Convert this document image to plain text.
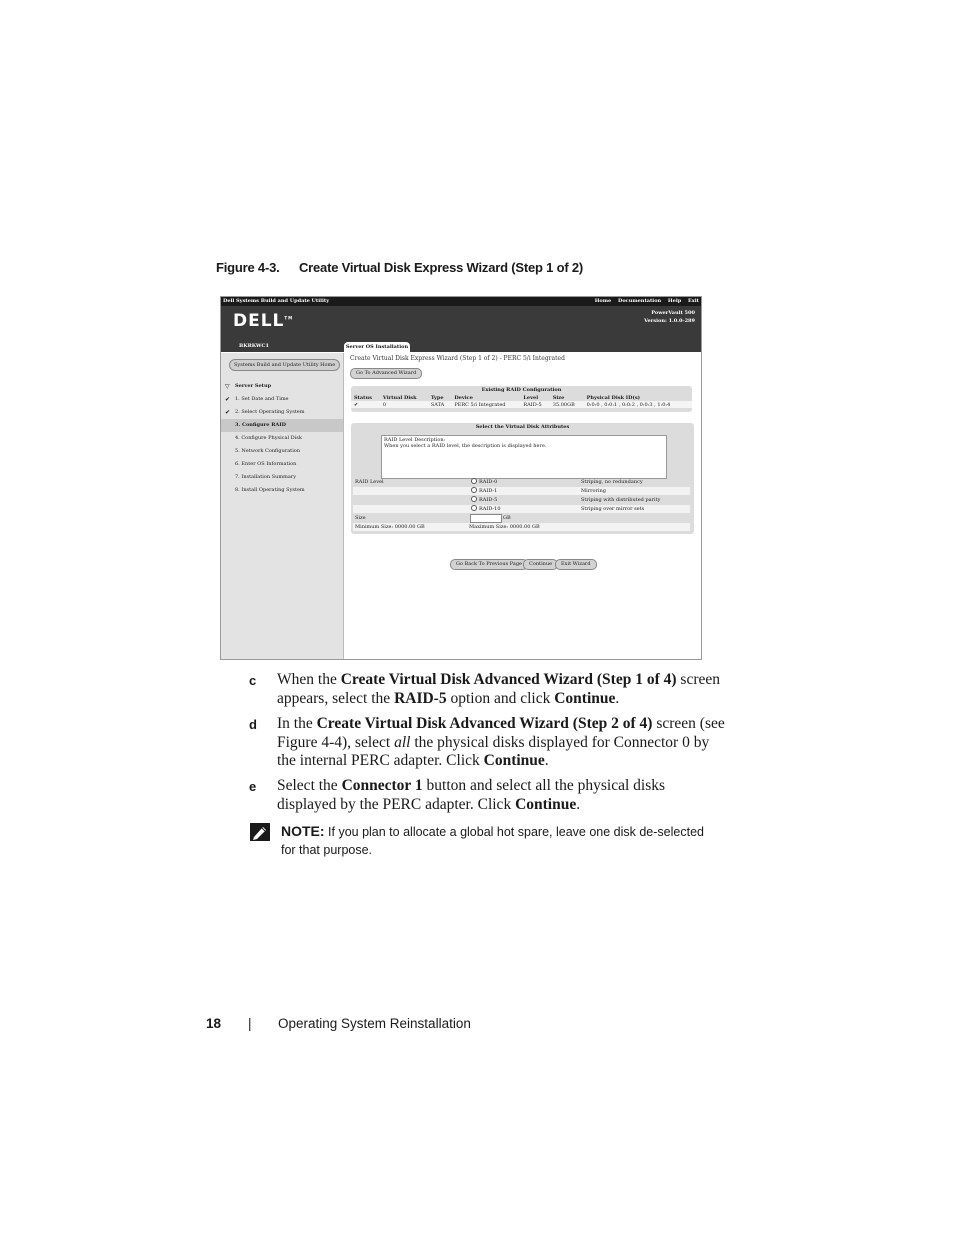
Figure 4-3. Create Virtual Disk Express Wizard (Step 1 of 2)
Dell Systems Build and Update Utility	Home Documentation Help Exit
DELL™
PowerVault 500
Version: 1.0.0-289
BKRKWC1	Server OS Installation
Systems Build and Update Utility Home
▽ Server Setup
✔ 1. Set Date and Time
✔ 2. Select Operating System
3. Configure RAID
4. Configure Physical Disk
5. Network Configuration
6. Enter OS Information
7. Installation Summary
8. Install Operating System
Create Virtual Disk Express Wizard (Step 1 of 2) - PERC 5/i Integrated
Go To Advanced Wizard
Existing RAID Configuration
Status	Virtual Disk	Type	Device	Level	Size	Physical Disk ID(s)
✔	0	SATA	PERC 5/i Integrated	RAID-5	35.00GB	0:0:0 , 0:0:1 , 0:0:2 , 0:0:3 , 1:0:4
Select the Virtual Disk Attributes
RAID Level Description:
When you select a RAID level, the description is displayed here.
RAID Level	RAID-0	Striping, no redundancy
RAID-1	Mirroring
RAID-5	Striping with distributed parity
RAID-10	Striping over mirror sets
Size	GB
Minimum Size: 0000.00 GB	Maximum Size: 0000.00 GB
Go Back To Previous Page	Continue	Exit Wizard
c When the Create Virtual Disk Advanced Wizard (Step 1 of 4) screen appears, select the RAID-5 option and click Continue.
d In the Create Virtual Disk Advanced Wizard (Step 2 of 4) screen (see Figure 4-4), select all the physical disks displayed for Connector 0 by the internal PERC adapter. Click Continue.
e Select the Connector 1 button and select all the physical disks displayed by the PERC adapter. Click Continue.
NOTE: If you plan to allocate a global hot spare, leave one disk de-selected for that purpose.
18 | Operating System Reinstallation
